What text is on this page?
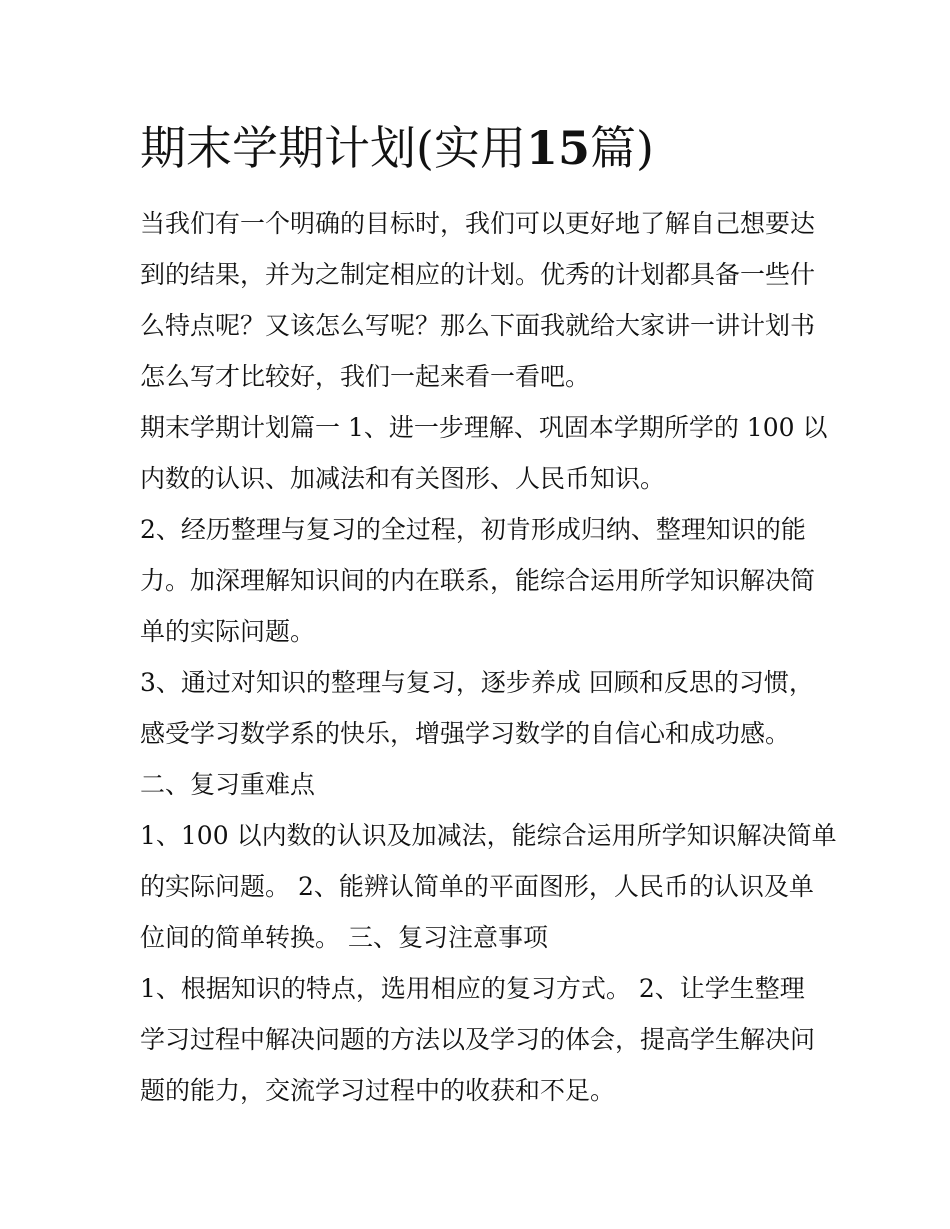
期末学期计划(实用15篇)
当我们有一个明确的目标时，我们可以更好地了解自己想要达
到的结果，并为之制定相应的计划。优秀的计划都具备一些什
么特点呢？又该怎么写呢？那么下面我就给大家讲一讲计划书
怎么写才比较好，我们一起来看一看吧。
期末学期计划篇一 1、进一步理解、巩固本学期所学的 100 以
内数的认识、加减法和有关图形、人民币知识。
2、经历整理与复习的全过程，初肯形成归纳、整理知识的能
力。加深理解知识间的内在联系，能综合运用所学知识解决简
单的实际问题。
3、通过对知识的整理与复习，逐步养成 回顾和反思的习惯，
感受学习数学系的快乐，增强学习数学的自信心和成功感。
二、复习重难点
1、100 以内数的认识及加减法，能综合运用所学知识解决简单
的实际问题。 2、能辨认简单的平面图形，人民币的认识及单
位间的简单转换。 三、复习注意事项
1、根据知识的特点，选用相应的复习方式。 2、让学生整理
学习过程中解决问题的方法以及学习的体会，提高学生解决问
题的能力，交流学习过程中的收获和不足。
